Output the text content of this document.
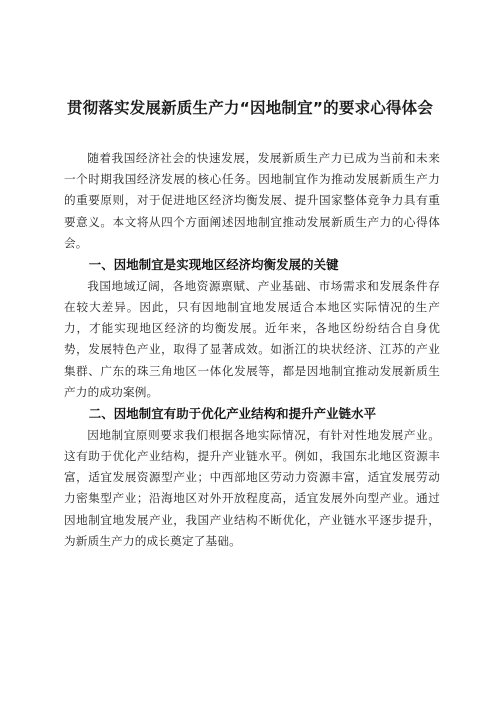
贯彻落实发展新质生产力“因地制宜”的要求心得体会

随着我国经济社会的快速发展，发展新质生产力已成为当前和未来一个时期我国经济发展的核心任务。因地制宜作为推动发展新质生产力的重要原则，对于促进地区经济均衡发展、提升国家整体竞争力具有重要意义。本文将从四个方面阐述因地制宜推动发展新质生产力的心得体会。

一、因地制宜是实现地区经济均衡发展的关键

我国地域辽阔，各地资源禀赋、产业基础、市场需求和发展条件存在较大差异。因此，只有因地制宜地发展适合本地区实际情况的生产力，才能实现地区经济的均衡发展。近年来，各地区纷纷结合自身优势，发展特色产业，取得了显著成效。如浙江的块状经济、江苏的产业集群、广东的珠三角地区一体化发展等，都是因地制宜推动发展新质生产力的成功案例。

二、因地制宜有助于优化产业结构和提升产业链水平

因地制宜原则要求我们根据各地实际情况，有针对性地发展产业。这有助于优化产业结构，提升产业链水平。例如，我国东北地区资源丰富，适宜发展资源型产业；中西部地区劳动力资源丰富，适宜发展劳动力密集型产业；沿海地区对外开放程度高，适宜发展外向型产业。通过因地制宜地发展产业，我国产业结构不断优化，产业链水平逐步提升，为新质生产力的成长奠定了基础。
